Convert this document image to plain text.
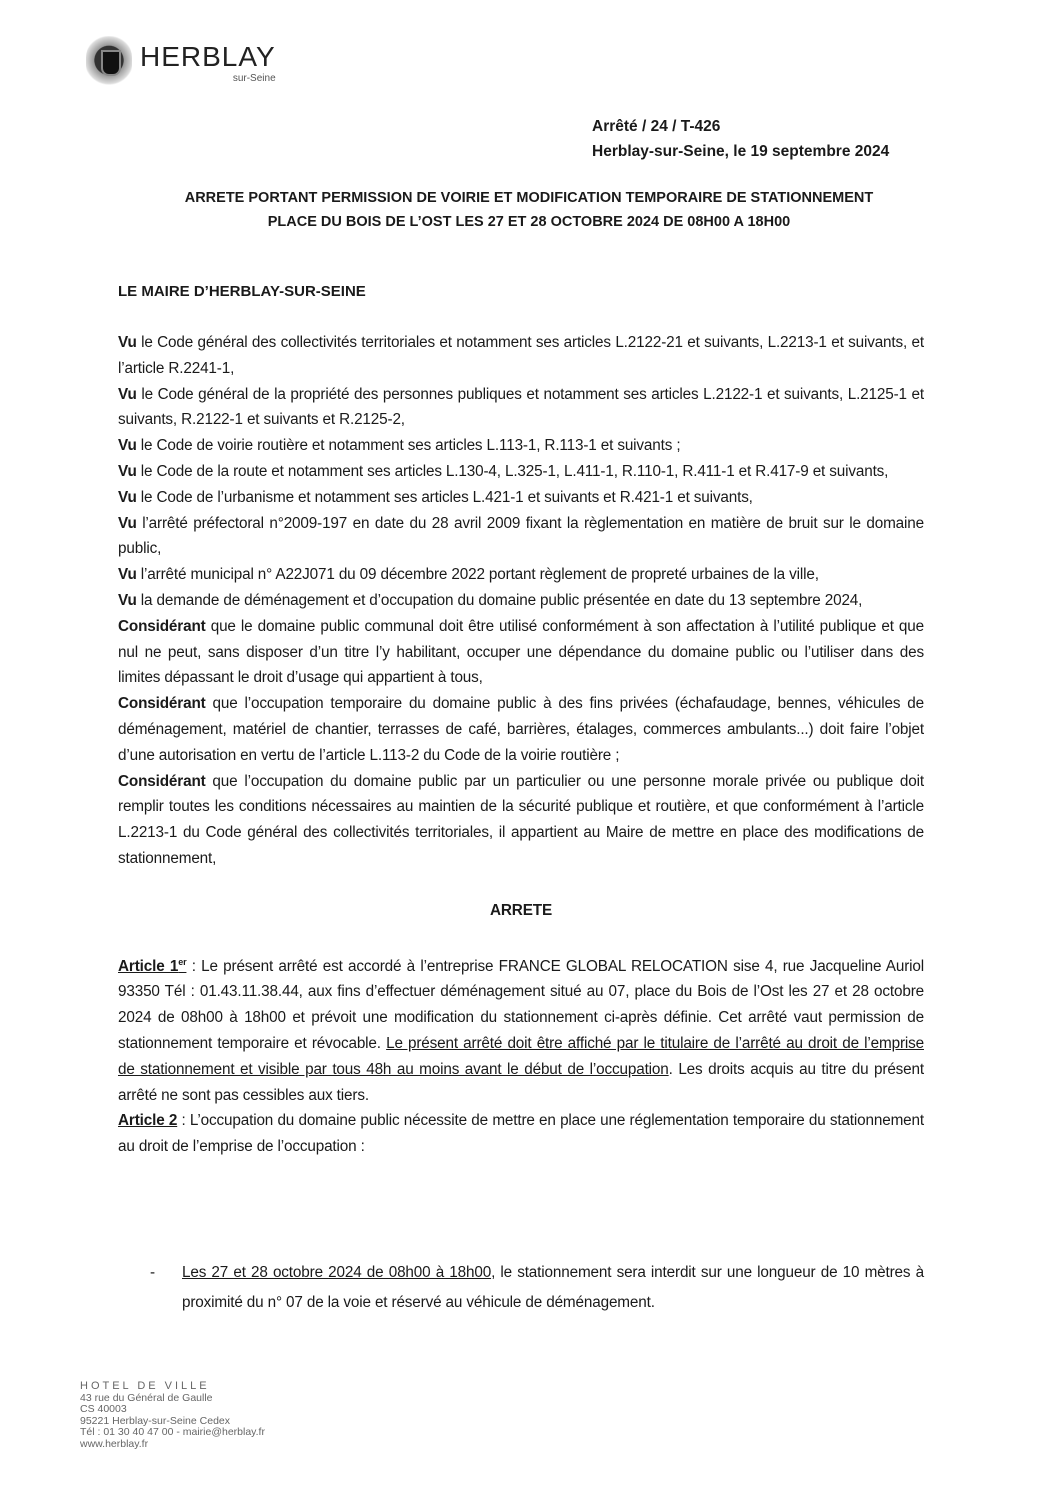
HERBLAY
sur-Seine
Arrêté / 24 / T-426
Herblay-sur-Seine, le 19 septembre 2024
ARRETE PORTANT PERMISSION DE VOIRIE ET MODIFICATION TEMPORAIRE DE STATIONNEMENT
PLACE DU BOIS DE L’OST LES 27 ET 28 OCTOBRE 2024 DE 08H00 A 18H00
LE MAIRE D’HERBLAY-SUR-SEINE

Vu le Code général des collectivités territoriales et notamment ses articles L.2122-21 et suivants, L.2213-1 et suivants, et l’article R.2241-1,

Vu le Code général de la propriété des personnes publiques et notamment ses articles L.2122-1 et suivants, L.2125-1 et suivants, R.2122-1 et suivants et R.2125-2,

Vu le Code de voirie routière et notamment ses articles L.113-1, R.113-1 et suivants ;

Vu le Code de la route et notamment ses articles L.130-4, L.325-1, L.411-1, R.110-1, R.411-1 et R.417-9 et suivants,

Vu le Code de l’urbanisme et notamment ses articles L.421-1 et suivants et R.421-1 et suivants,

Vu l’arrêté préfectoral n°2009-197 en date du 28 avril 2009 fixant la règlementation en matière de bruit sur le domaine public,

Vu l’arrêté municipal n° A22J071 du 09 décembre 2022 portant règlement de propreté urbaines de la ville,

Vu la demande de déménagement et d’occupation du domaine public présentée en date du 13 septembre 2024,

Considérant que le domaine public communal doit être utilisé conformément à son affectation à l’utilité publique et que nul ne peut, sans disposer d’un titre l’y habilitant, occuper une dépendance du domaine public ou l’utiliser dans des limites dépassant le droit d’usage qui appartient à tous,

Considérant que l’occupation temporaire du domaine public à des fins privées (échafaudage, bennes, véhicules de déménagement, matériel de chantier, terrasses de café, barrières, étalages, commerces ambulants...) doit faire l’objet d’une autorisation en vertu de l’article L.113-2 du Code de la voirie routière ;

Considérant que l’occupation du domaine public par un particulier ou une personne morale privée ou publique doit remplir toutes les conditions nécessaires au maintien de la sécurité publique et routière, et que conformément à l’article L.2213-1 du Code général des collectivités territoriales, il appartient au Maire de mettre en place des modifications de stationnement,

ARRETE

Article 1er : Le présent arrêté est accordé à l’entreprise FRANCE GLOBAL RELOCATION sise 4, rue Jacqueline Auriol 93350 Tél : 01.43.11.38.44, aux fins d’effectuer déménagement situé au 07, place du Bois de l’Ost les 27 et 28 octobre 2024 de 08h00 à 18h00 et prévoit une modification du stationnement ci-après définie. Cet arrêté vaut permission de stationnement temporaire et révocable. Le présent arrêté doit être affiché par le titulaire de l’arrêté au droit de l’emprise de stationnement et visible par tous 48h au moins avant le début de l’occupation. Les droits acquis au titre du présent arrêté ne sont pas cessibles aux tiers.

Article 2 : L’occupation du domaine public nécessite de mettre en place une réglementation temporaire du stationnement au droit de l’emprise de l’occupation :

-	Les 27 et 28 octobre 2024 de 08h00 à 18h00, le stationnement sera interdit sur une longueur de 10 mètres à proximité du n° 07 de la voie et réservé au véhicule de déménagement.
HOTEL DE VILLE
43 rue du Général de Gaulle
CS 40003
95221 Herblay-sur-Seine Cedex
Tél : 01 30 40 47 00 - mairie@herblay.fr
www.herblay.fr
